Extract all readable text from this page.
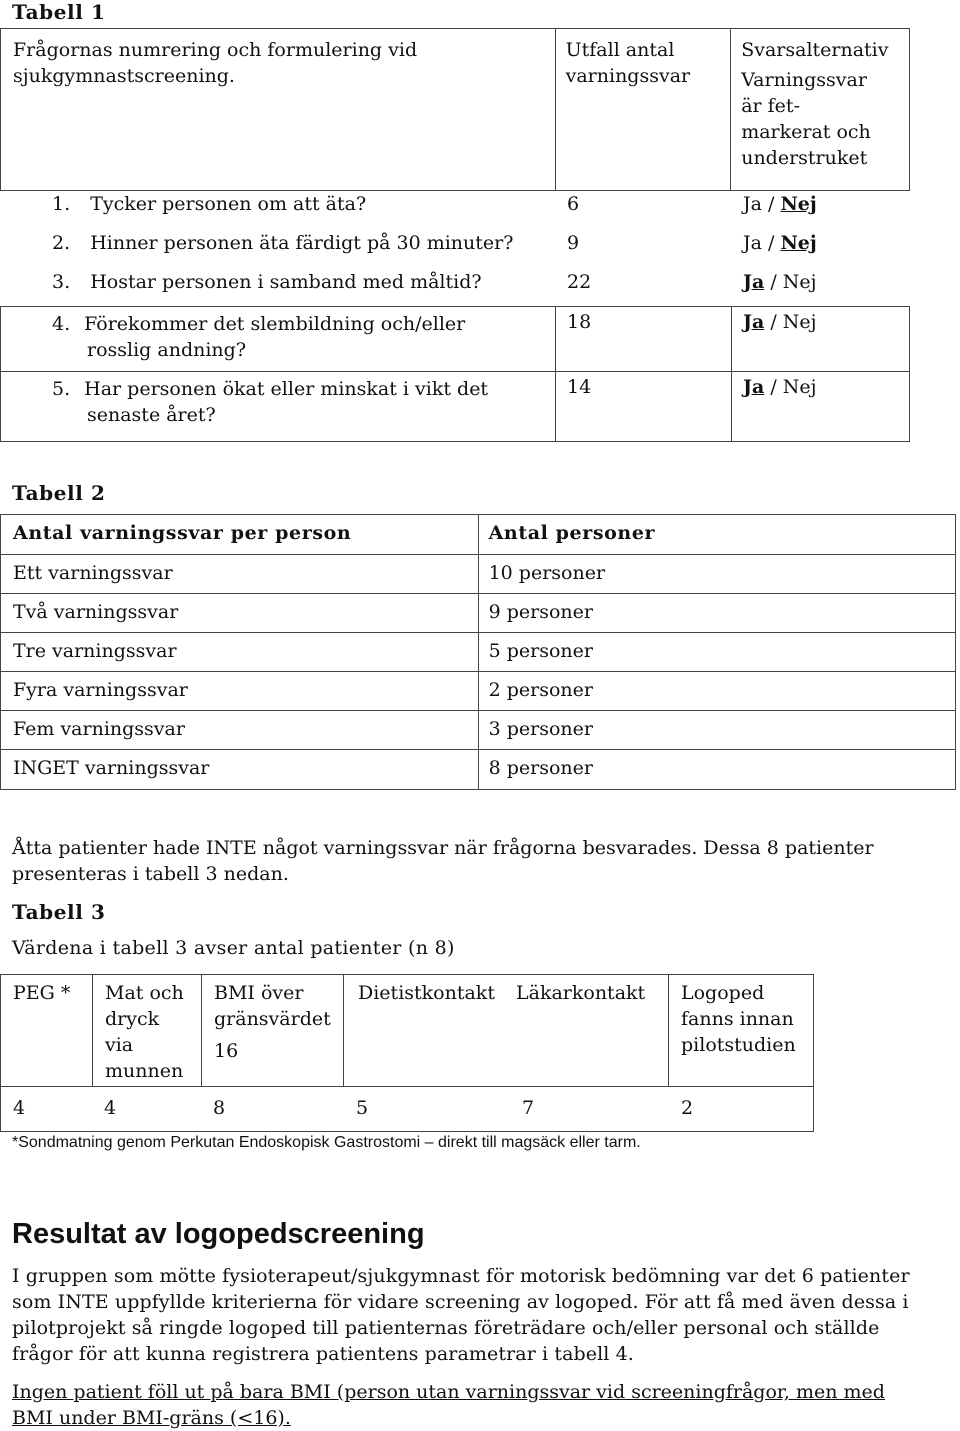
Tabell 1
Frågornas numrering och formulering vid
sjukgymnastscreening.

Utfall antal
varningssvar

Svarsalternativ
Varningssvar
är fet-
markerat och
understruket
1. Tycker personen om att äta?	6	Ja / Nej
2. Hinner personen äta färdigt på 30 minuter?	9	Ja / Nej
3. Hostar personen i samband med måltid?	22	Ja / Nej
4. Förekommer det slembildning och/eller
rosslig andning?
18	Ja / Nej
5. Har personen ökat eller minskat i vikt det
senaste året?
14	Ja / Nej
Tabell 2
Antal varningssvar per person	Antal personer

Ett varningssvar	10 personer

Två varningssvar	9 personer

Tre varningssvar	5 personer

Fyra varningssvar	2 personer

Fem varningssvar	3 personer

INGET varningssvar	8 personer
Åtta patienter hade INTE något varningssvar när frågorna besvarades. Dessa 8 patienter
presenteras i tabell 3 nedan.
Tabell 3
Värdena i tabell 3 avser antal patienter (n 8)
PEG *	Mat och
dryck
via
munnen

BMI över
gränsvärdet
16

Dietistkontakt	Läkarkontakt	Logoped
fanns innan
pilotstudien

4	4	8	5	7	2
*Sondmatning genom Perkutan Endoskopisk Gastrostomi – direkt till magsäck eller tarm.
Resultat av logopedscreening
I gruppen som mötte fysioterapeut/sjukgymnast för motorisk bedömning var det 6 patienter
som INTE uppfyllde kriterierna för vidare screening av logoped. För att få med även dessa i
pilotprojekt så ringde logoped till patienternas företrädare och/eller personal och ställde
frågor för att kunna registrera patientens parametrar i tabell 4.
Ingen patient föll ut på bara BMI (person utan varningssvar vid screeningfrågor, men med
BMI under BMI-gräns (<16).
